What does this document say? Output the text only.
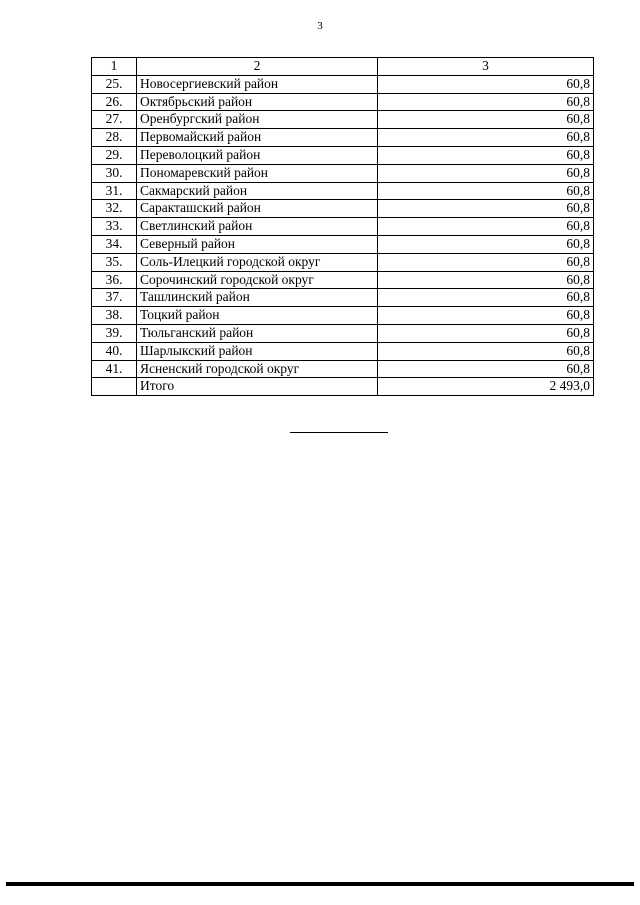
3
1	2	3
25.	Новосергиевский район	60,8
26.	Октябрьский район	60,8
27.	Оренбургский район	60,8
28.	Первомайский район	60,8
29.	Переволоцкий район	60,8
30.	Пономаревский район	60,8
31.	Сакмарский район	60,8
32.	Саракташский район	60,8
33.	Светлинский район	60,8
34.	Северный район	60,8
35.	Соль-Илецкий городской округ	60,8
36.	Сорочинский городской округ	60,8
37.	Ташлинский район	60,8
38.	Тоцкий район	60,8
39.	Тюльганский район	60,8
40.	Шарлыкский район	60,8
41.	Ясненский городской округ	60,8
	Итого	2 493,0
